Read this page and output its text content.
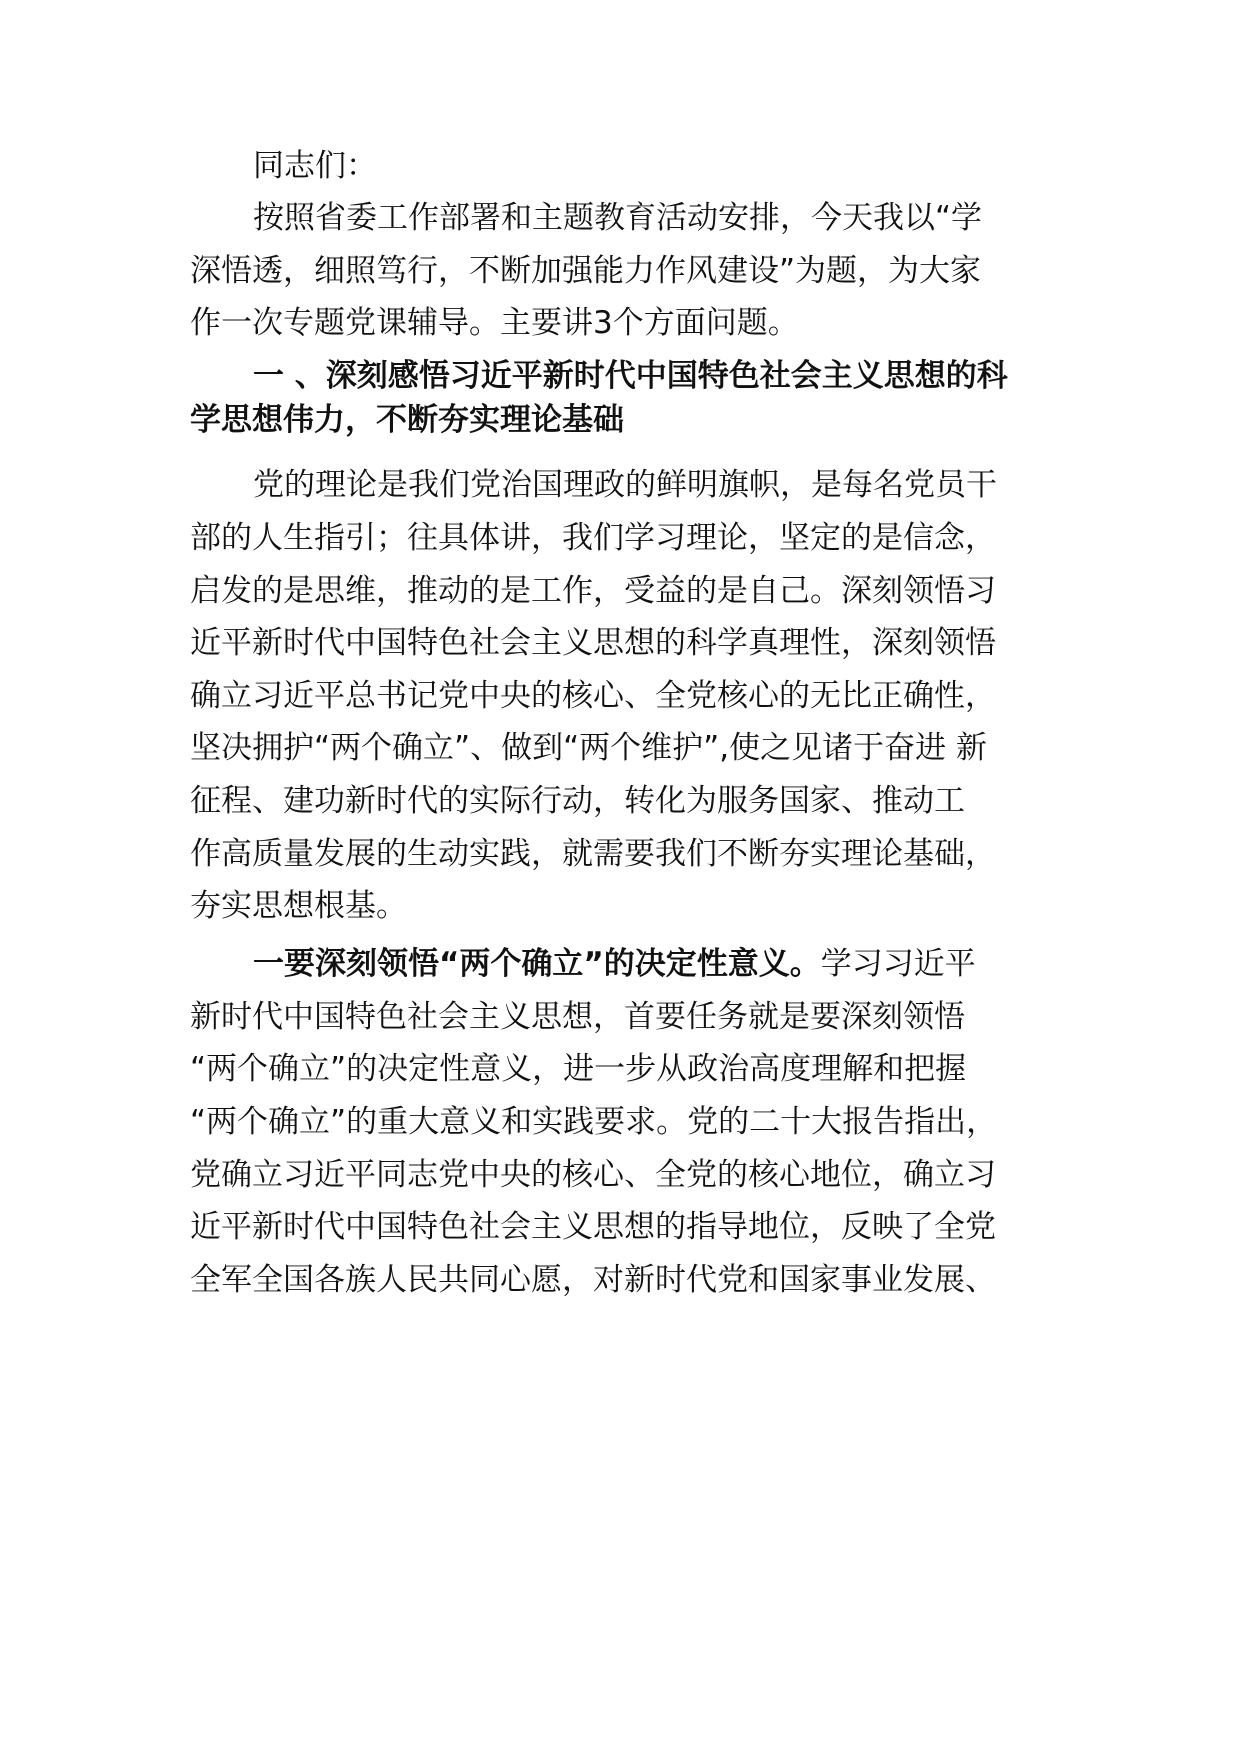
同志们：
按照省委工作部署和主题教育活动安排，今天我以“学
深悟透，细照笃行，不断加强能力作风建设”为题，为大家
作一次专题党课辅导。主要讲3个方面问题。
一 、深刻感悟习近平新时代中国特色社会主义思想的科
学思想伟力，不断夯实理论基础
党的理论是我们党治国理政的鲜明旗帜，是每名党员干
部的人生指引；往具体讲，我们学习理论，坚定的是信念，
启发的是思维，推动的是工作，受益的是自己。深刻领悟习
近平新时代中国特色社会主义思想的科学真理性，深刻领悟
确立习近平总书记党中央的核心、全党核心的无比正确性，
坚决拥护“两个确立”、做到“两个维护”,使之见诸于奋进 新
征程、建功新时代的实际行动，转化为服务国家、推动工
作高质量发展的生动实践，就需要我们不断夯实理论基础，
夯实思想根基。
一要深刻领悟“两个确立”的决定性意义。学习习近平
新时代中国特色社会主义思想，首要任务就是要深刻领悟
“两个确立”的决定性意义，进一步从政治高度理解和把握
“两个确立”的重大意义和实践要求。党的二十大报告指出，
党确立习近平同志党中央的核心、全党的核心地位，确立习
近平新时代中国特色社会主义思想的指导地位，反映了全党
全军全国各族人民共同心愿，对新时代党和国家事业发展、
